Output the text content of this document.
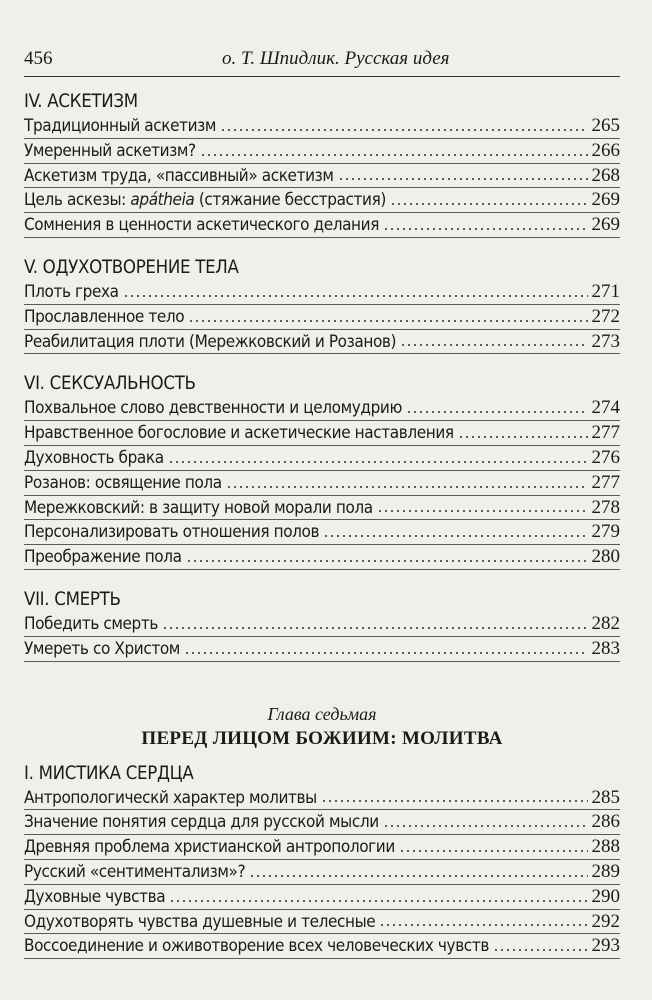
456	о. Т. Шпидлик. Русская идея
IV. АСКЕТИЗМ
Традиционный аскетизм	265
Умеренный аскетизм?	266
Аскетизм труда, «пассивный» аскетизм	268
Цель аскезы: apátheia (стяжание бесстрастия)	269
Сомнения в ценности аскетического делания	269
V. ОДУХОТВОРЕНИЕ ТЕЛА
Плоть греха	271
Прославленное тело	272
Реабилитация плоти (Мережковский и Розанов)	273
VI. СЕКСУАЛЬНОСТЬ
Похвальное слово девственности и целомудрию	274
Нравственное богословие и аскетические наставления	277
Духовность брака	276
Розанов: освящение пола	277
Мережковский: в защиту новой морали пола	278
Персонализировать отношения полов	279
Преображение пола	280
VII. СМЕРТЬ
Победить смерть	282
Умереть со Христом	283
Глава седьмая
ПЕРЕД ЛИЦОМ БОЖИИМ: МОЛИТВА
I. МИСТИКА СЕРДЦА
Антропологическй характер молитвы	285
Значение понятия сердца для русской мысли	286
Древняя проблема христианской антропологии	288
Русский «сентиментализм»?	289
Духовные чувства	290
Одухотворять чувства душевные и телесные	292
Воссоединение и оживотворение всех человеческих чувств	293
